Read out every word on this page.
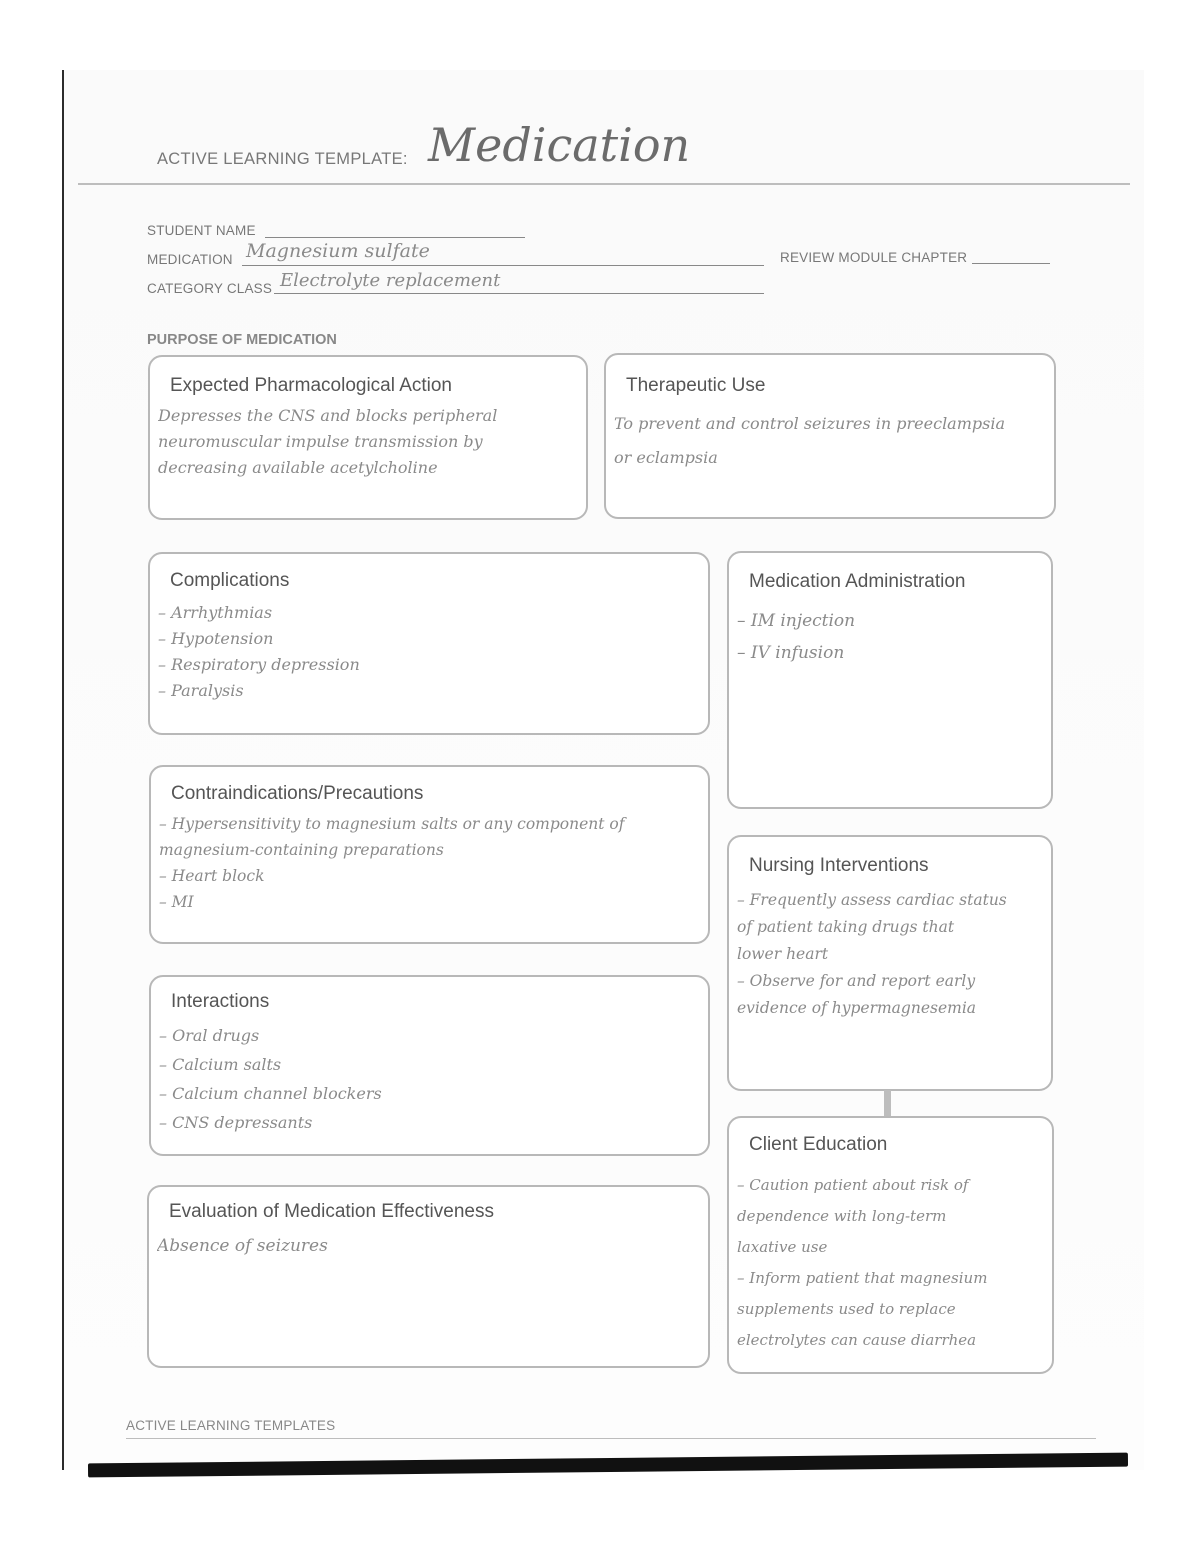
ACTIVE LEARNING TEMPLATE: Medication
STUDENT NAME
MEDICATION Magnesium sulfate	REVIEW MODULE CHAPTER
CATEGORY CLASS Electrolyte replacement
PURPOSE OF MEDICATION
Expected Pharmacological Action
Depresses the CNS and blocks peripheral
neuromuscular impulse transmission by
decreasing available acetylcholine
Therapeutic Use
To prevent and control seizures in preeclampsia
or eclampsia
Complications
– Arrhythmias
– Hypotension
– Respiratory depression
– Paralysis
Medication Administration
– IM injection
– IV infusion
Contraindications/Precautions
– Hypersensitivity to magnesium salts or any component of
magnesium-containing preparations
– Heart block
– MI
Nursing Interventions
– Frequently assess cardiac status
of patient taking drugs that
lower heart
– Observe for and report early
evidence of hypermagnesemia
Interactions
– Oral drugs
– Calcium salts
– Calcium channel blockers
– CNS depressants
Client Education
– Caution patient about risk of
dependence with long-term
laxative use
– Inform patient that magnesium
supplements used to replace
electrolytes can cause diarrhea
Evaluation of Medication Effectiveness
Absence of seizures
ACTIVE LEARNING TEMPLATES
